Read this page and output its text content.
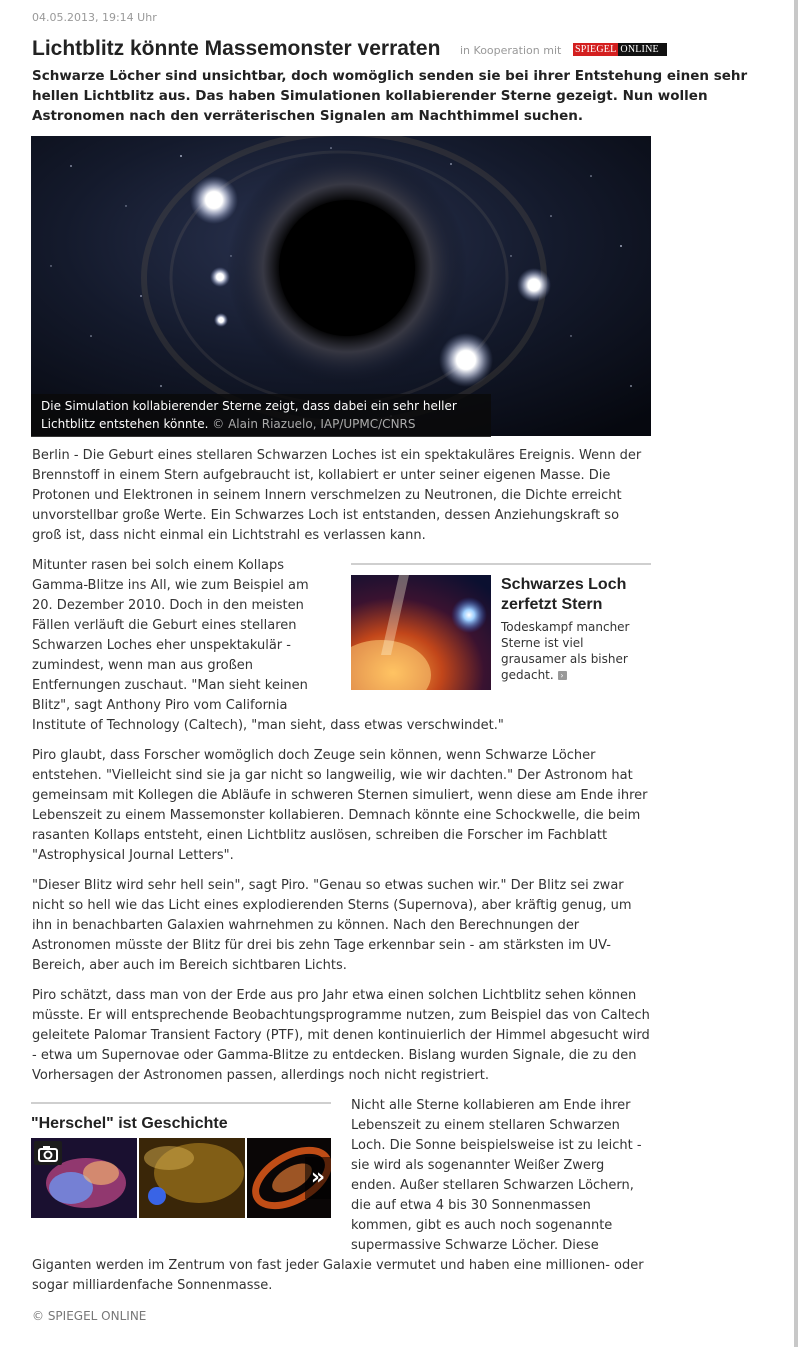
04.05.2013, 19:14 Uhr
Lichtblitz könnte Massemonster verraten in Kooperation mit SPIEGEL ONLINE

Schwarze Löcher sind unsichtbar, doch womöglich senden sie bei ihrer Entstehung einen sehr hellen Lichtblitz aus. Das haben Simulationen kollabierender Sterne gezeigt. Nun wollen Astronomen nach den verräterischen Signalen am Nachthimmel suchen.

Die Simulation kollabierender Sterne zeigt, dass dabei ein sehr heller Lichtblitz entstehen könnte. © Alain Riazuelo, IAP/UPMC/CNRS

Berlin - Die Geburt eines stellaren Schwarzen Loches ist ein spektakuläres Ereignis. Wenn der Brennstoff in einem Stern aufgebraucht ist, kollabiert er unter seiner eigenen Masse. Die Protonen und Elektronen in seinem Innern verschmelzen zu Neutronen, die Dichte erreicht unvorstellbar große Werte. Ein Schwarzes Loch ist entstanden, dessen Anziehungskraft so groß ist, dass nicht einmal ein Lichtstrahl es verlassen kann.

Mitunter rasen bei solch einem Kollaps Gamma-Blitze ins All, wie zum Beispiel am 20. Dezember 2010. Doch in den meisten Fällen verläuft die Geburt eines stellaren Schwarzen Loches eher unspektakulär - zumindest, wenn man aus großen Entfernungen zuschaut. "Man sieht keinen Blitz", sagt Anthony Piro vom California

Institute of Technology (Caltech), "man sieht, dass etwas verschwindet."

Schwarzes Loch zerfetzt Stern
Todeskampf mancher Sterne ist viel grausamer als bisher gedacht. ›

Piro glaubt, dass Forscher womöglich doch Zeuge sein können, wenn Schwarze Löcher entstehen. "Vielleicht sind sie ja gar nicht so langweilig, wie wir dachten." Der Astronom hat gemeinsam mit Kollegen die Abläufe in schweren Sternen simuliert, wenn diese am Ende ihrer Lebenszeit zu einem Massemonster kollabieren. Demnach könnte eine Schockwelle, die beim rasanten Kollaps entsteht, einen Lichtblitz auslösen, schreiben die Forscher im Fachblatt "Astrophysical Journal Letters".

"Dieser Blitz wird sehr hell sein", sagt Piro. "Genau so etwas suchen wir." Der Blitz sei zwar nicht so hell wie das Licht eines explodierenden Sterns (Supernova), aber kräftig genug, um ihn in benachbarten Galaxien wahrnehmen zu können. Nach den Berechnungen der Astronomen müsste der Blitz für drei bis zehn Tage erkennbar sein - am stärksten im UV-Bereich, aber auch im Bereich sichtbaren Lichts.

Piro schätzt, dass man von der Erde aus pro Jahr etwa einen solchen Lichtblitz sehen können müsste. Er will entsprechende Beobachtungsprogramme nutzen, zum Beispiel das von Caltech geleitete Palomar Transient Factory (PTF), mit denen kontinuierlich der Himmel abgesucht wird - etwa um Supernovae oder Gamma-Blitze zu entdecken. Bislang wurden Signale, die zu den Vorhersagen der Astronomen passen, allerdings noch nicht registriert.

"Herschel" ist Geschichte
»

Nicht alle Sterne kollabieren am Ende ihrer Lebenszeit zu einem stellaren Schwarzen Loch. Die Sonne beispielsweise ist zu leicht - sie wird als sogenannter Weißer Zwerg enden. Außer stellaren Schwarzen Löchern, die auf etwa 4 bis 30 Sonnenmassen kommen, gibt es auch noch sogenannte supermassive Schwarze Löcher. Diese

Giganten werden im Zentrum von fast jeder Galaxie vermutet und haben eine millionen- oder sogar milliardenfache Sonnenmasse.

© SPIEGEL ONLINE
